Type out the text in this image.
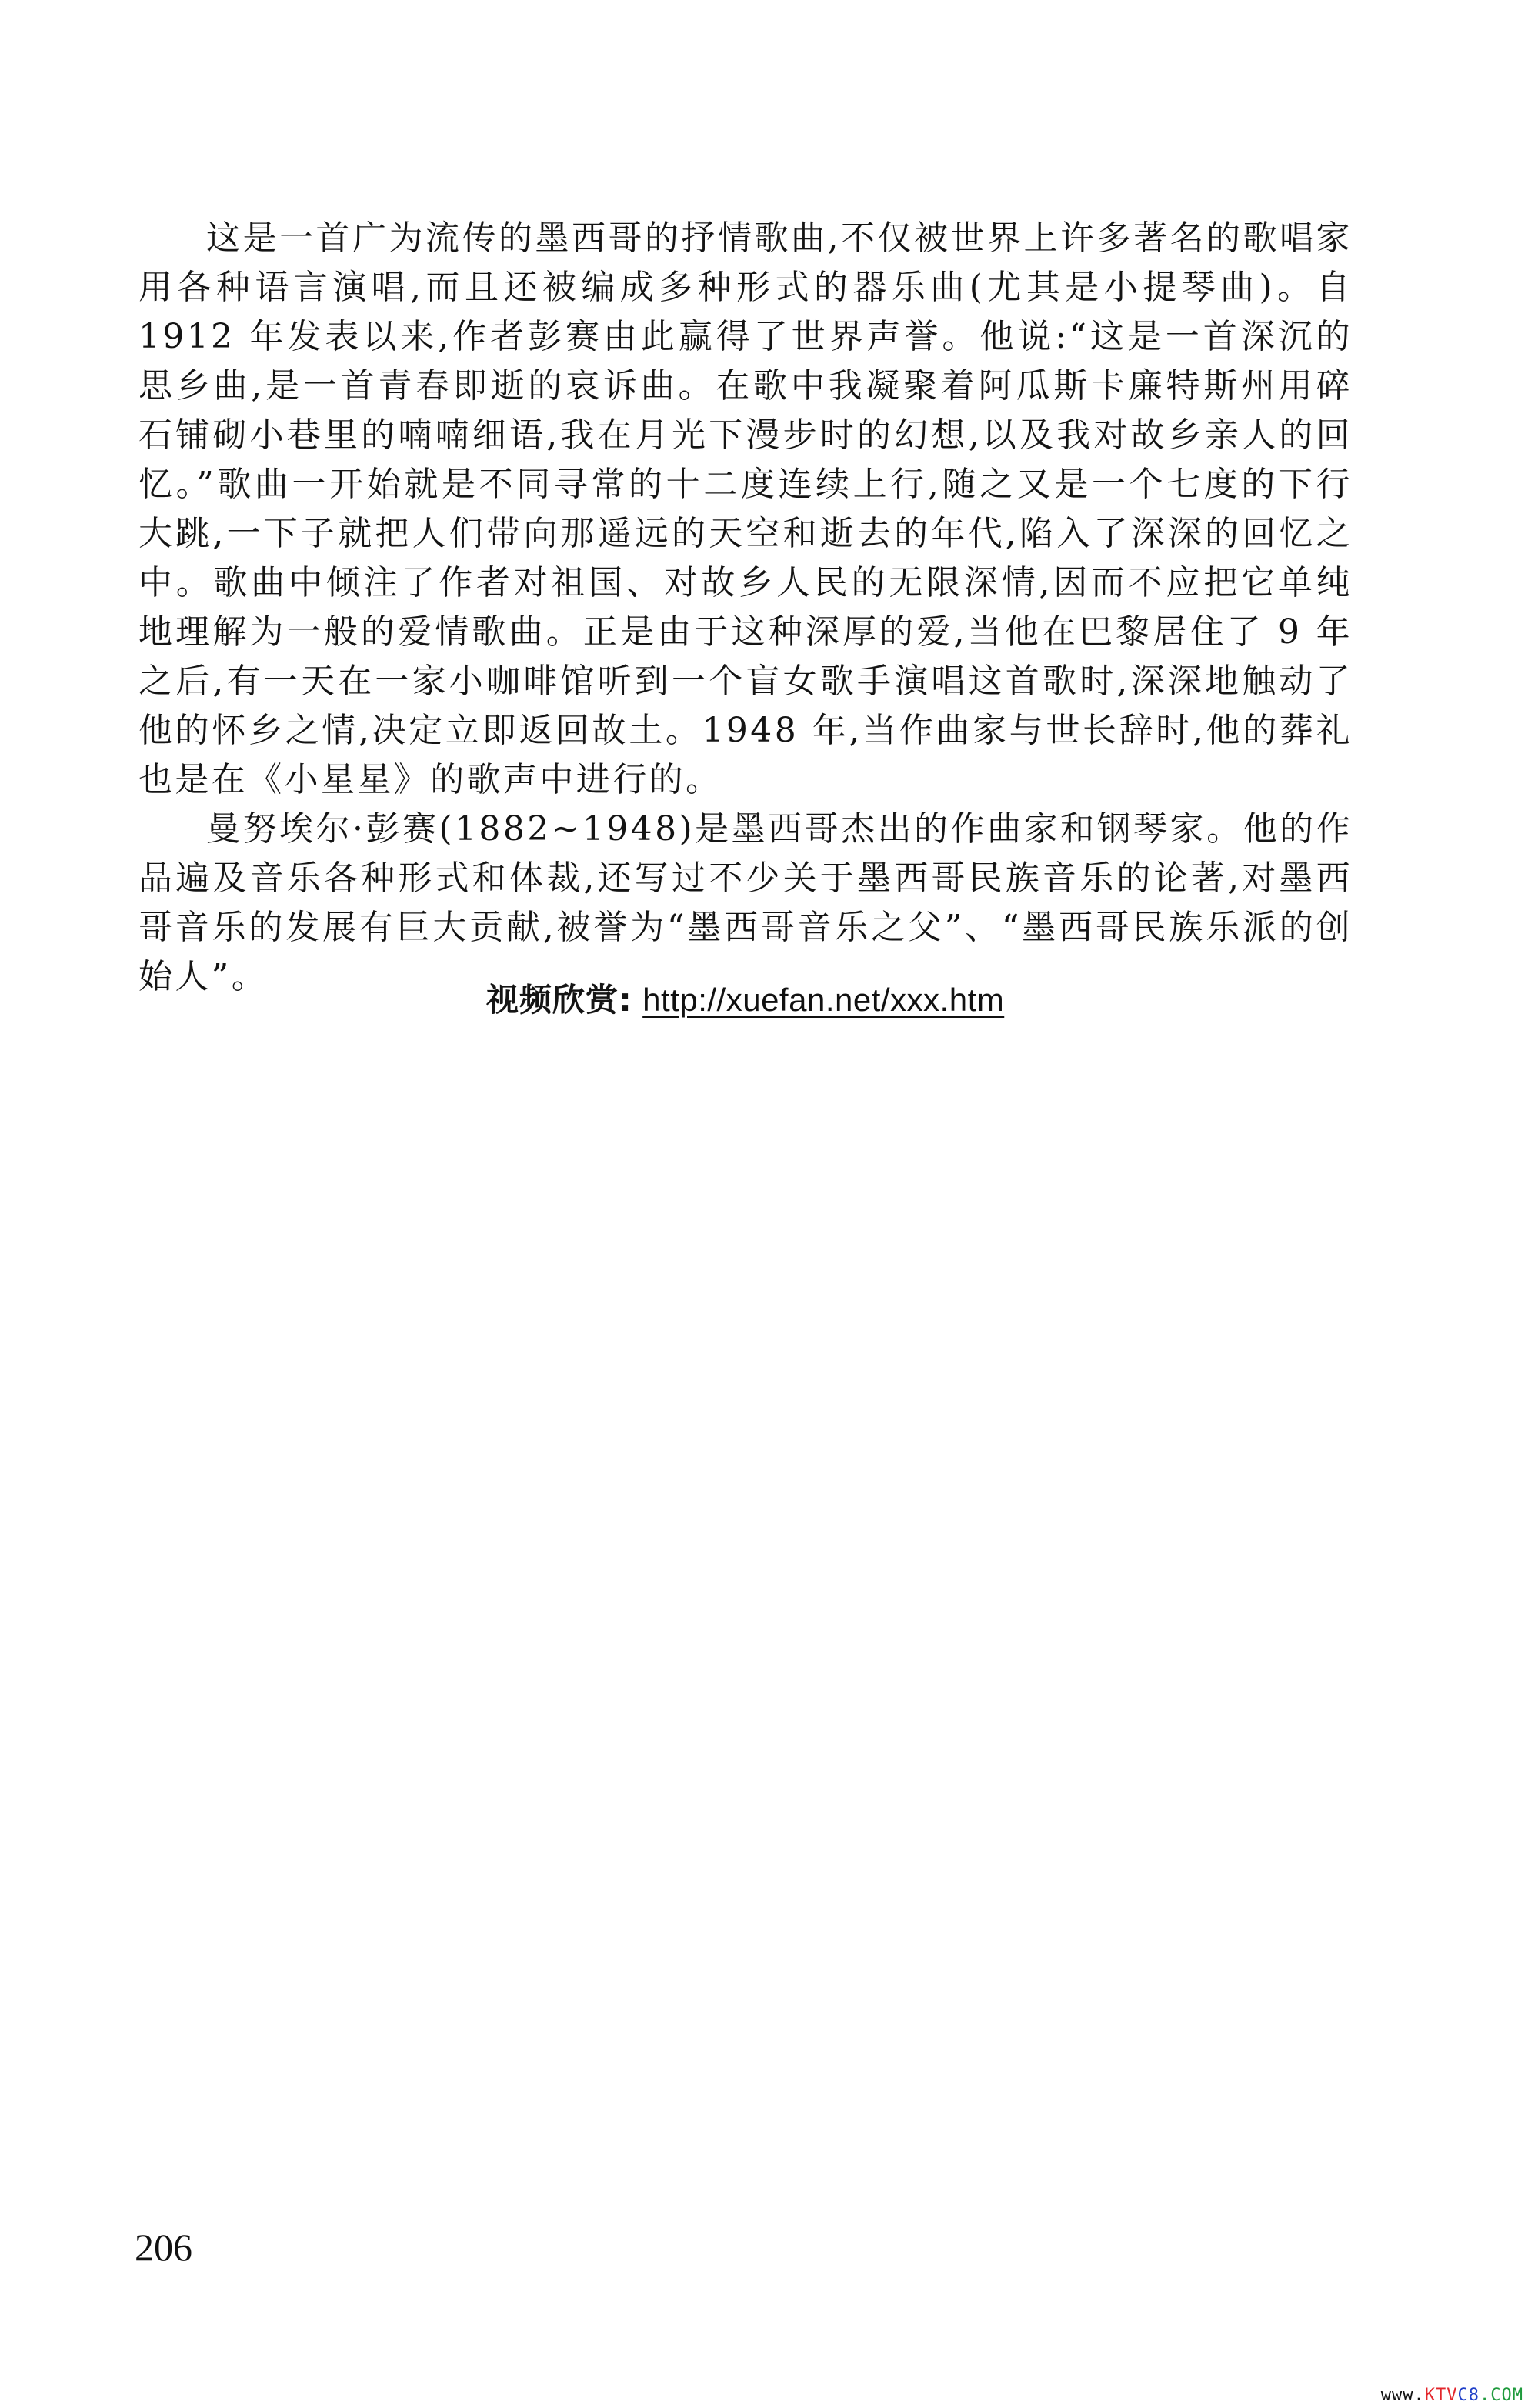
这是一首广为流传的墨西哥的抒情歌曲,不仅被世界上许多著名的歌唱家用各种语言演唱,而且还被编成多种形式的器乐曲(尤其是小提琴曲)。自 1912 年发表以来,作者彭赛由此赢得了世界声誉。他说:“这是一首深沉的思乡曲,是一首青春即逝的哀诉曲。在歌中我凝聚着阿瓜斯卡廉特斯州用碎石铺砌小巷里的喃喃细语,我在月光下漫步时的幻想,以及我对故乡亲人的回忆。”歌曲一开始就是不同寻常的十二度连续上行,随之又是一个七度的下行大跳,一下子就把人们带向那遥远的天空和逝去的年代,陷入了深深的回忆之中。歌曲中倾注了作者对祖国、对故乡人民的无限深情,因而不应把它单纯地理解为一般的爱情歌曲。正是由于这种深厚的爱,当他在巴黎居住了 9 年之后,有一天在一家小咖啡馆听到一个盲女歌手演唱这首歌时,深深地触动了他的怀乡之情,决定立即返回故土。1948 年,当作曲家与世长辞时,他的葬礼也是在《小星星》的歌声中进行的。

曼努埃尔·彭赛(1882~1948)是墨西哥杰出的作曲家和钢琴家。他的作品遍及音乐各种形式和体裁,还写过不少关于墨西哥民族音乐的论著,对墨西哥音乐的发展有巨大贡献,被誉为“墨西哥音乐之父”、“墨西哥民族乐派的创始人”。

视频欣赏: http://xuefan.net/xxx.htm
206
www.KTVC8.COM
